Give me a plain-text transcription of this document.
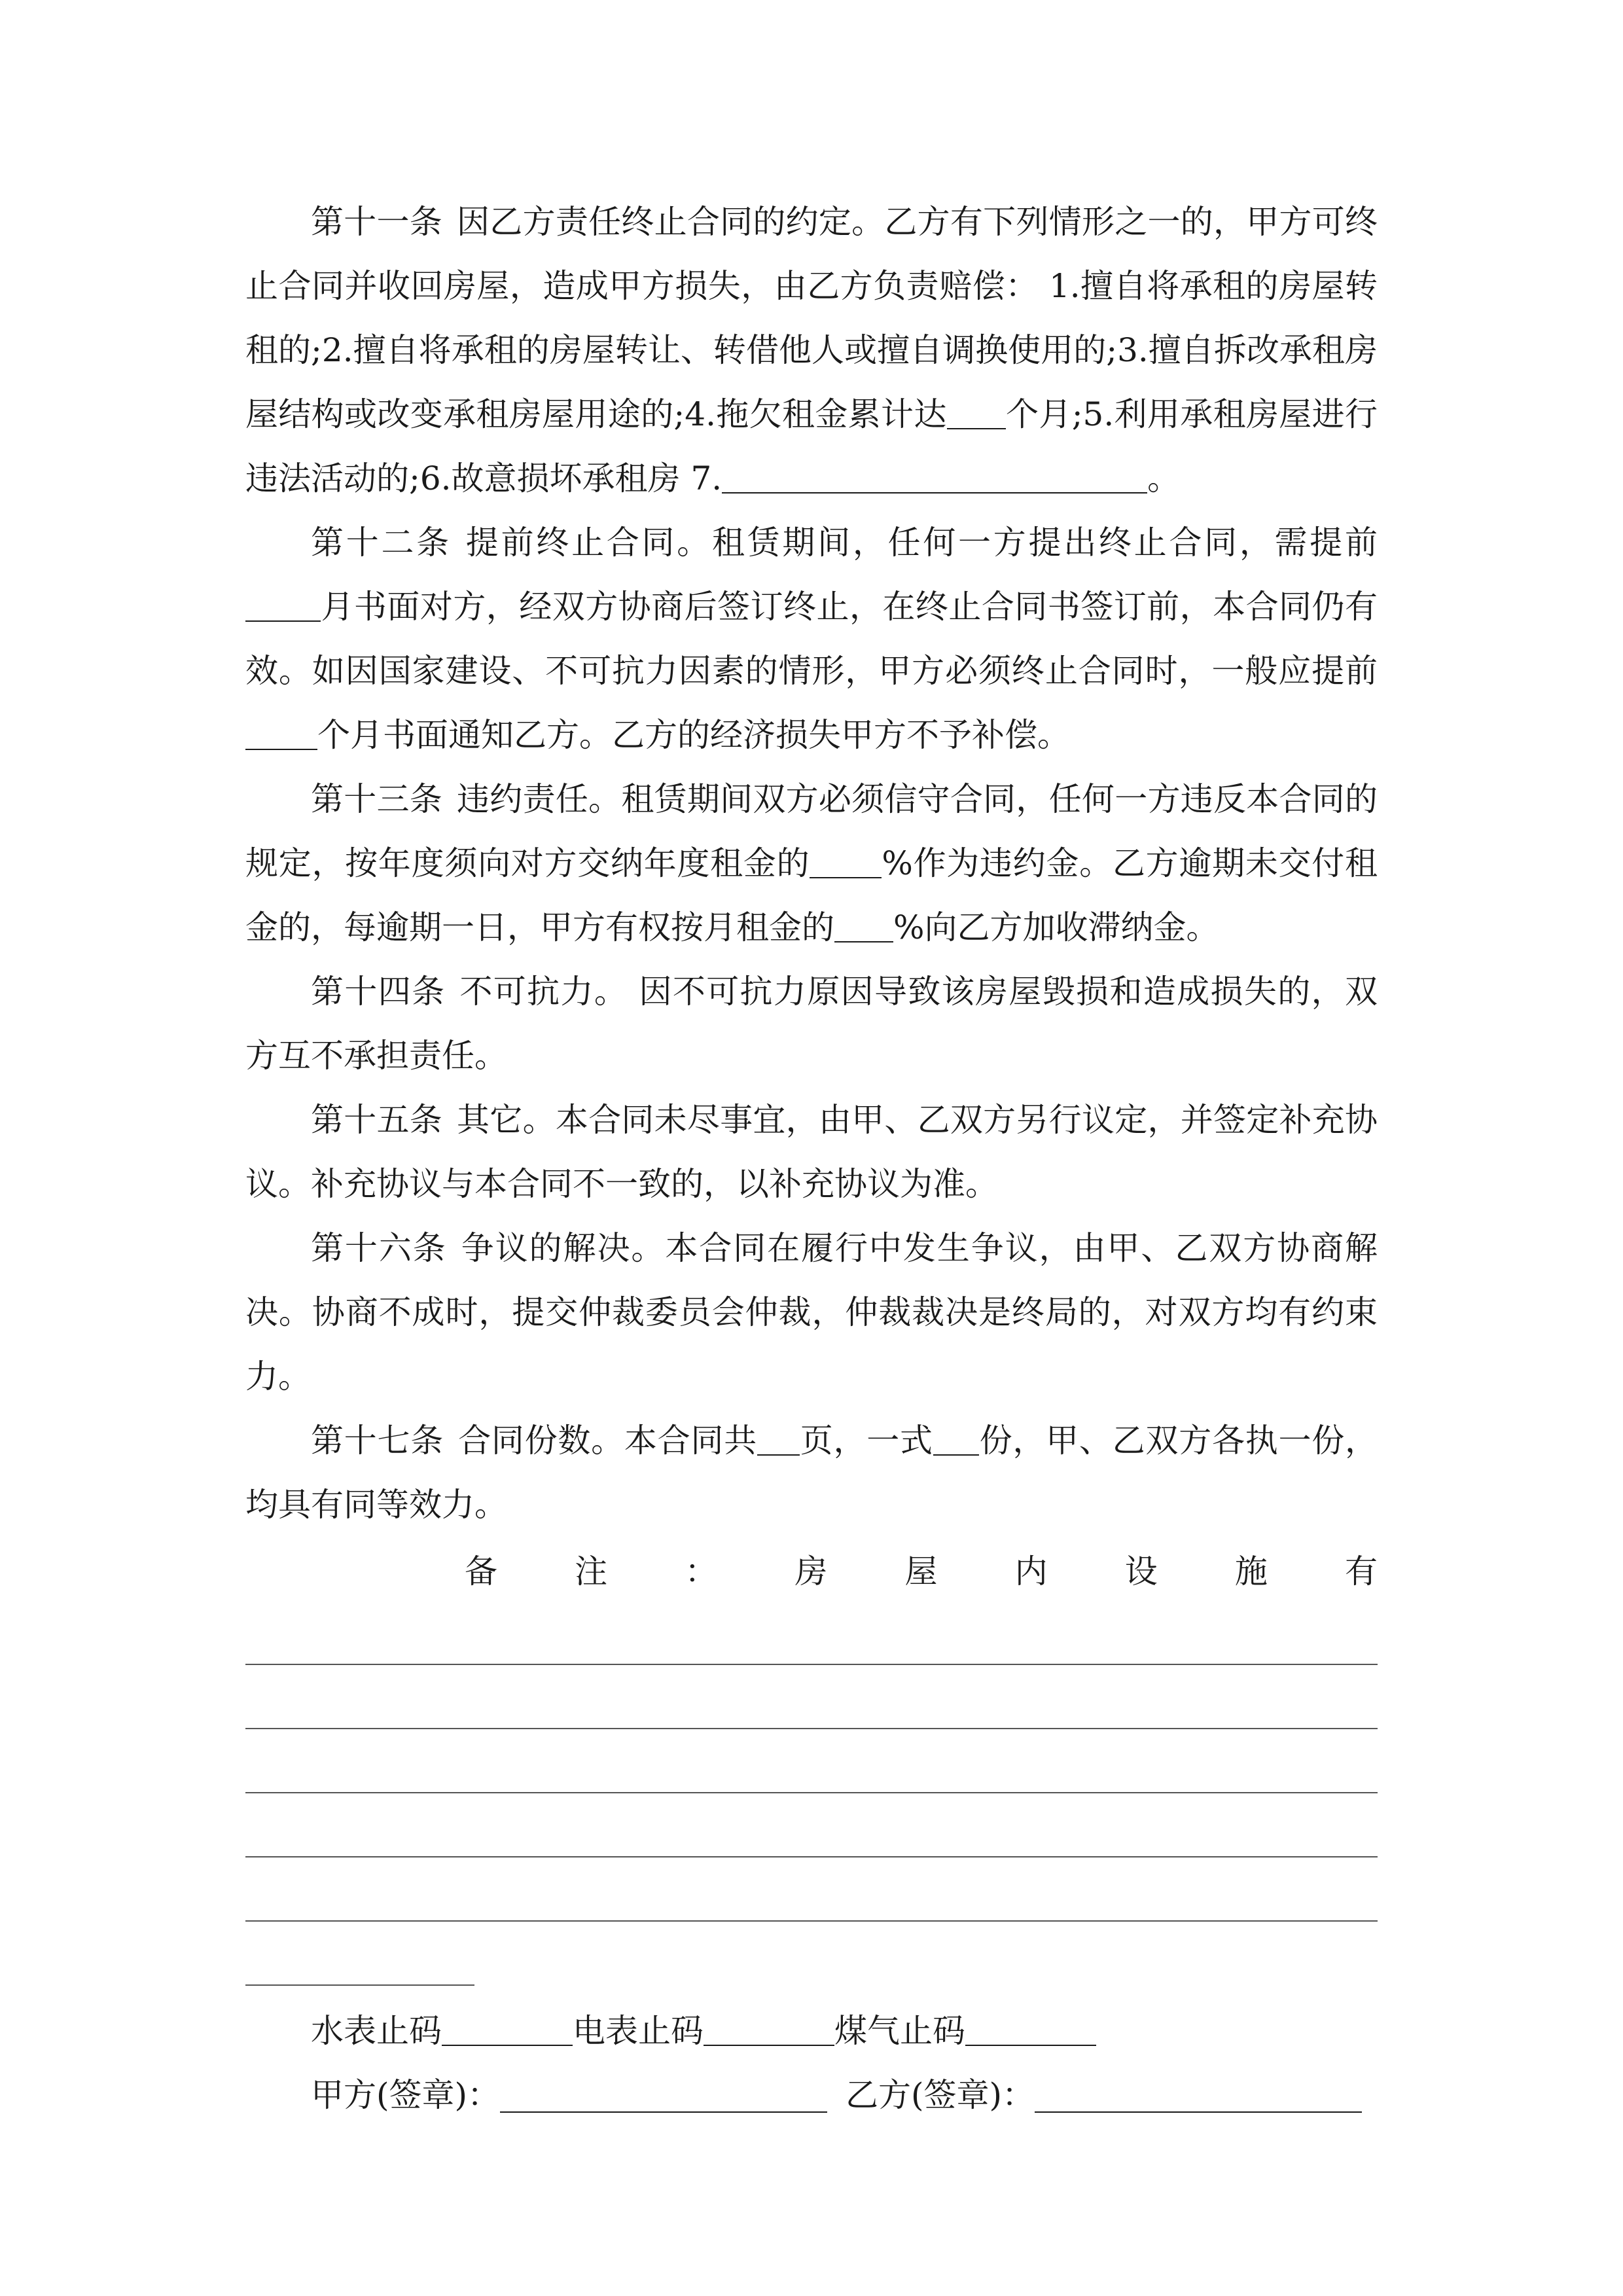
第十一条 因乙方责任终止合同的约定。乙方有下列情形之一的，甲方可终止合同并收回房屋，造成甲方损失，由乙方负责赔偿： 1.擅自将承租的房屋转租的;2.擅自将承租的房屋转让、转借他人或擅自调换使用的;3.擅自拆改承租房屋结构或改变承租房屋用途的;4.拖欠租金累计达 个月;5.利用承租房屋进行违法活动的;6.故意损坏承租房 7.	。

第十二条 提前终止合同。租赁期间，任何一方提出终止合同，需提前月书面对方，经双方协商后签订终止，在终止合同书签订前，本合同仍有效。如因国家建设、不可抗力因素的情形，甲方必须终止合同时，一般应提前个月书面通知乙方。乙方的经济损失甲方不予补偿。

第十三条 违约责任。租赁期间双方必须信守合同，任何一方违反本合同的规定，按年度须向对方交纳年度租金的 %作为违约金。乙方逾期未交付租金的，每逾期一日，甲方有权按月租金的 %向乙方加收滞纳金。

第十四条 不可抗力。 因不可抗力原因导致该房屋毁损和造成损失的，双方互不承担责任。

第十五条 其它。本合同未尽事宜，由甲、乙双方另行议定，并签定补充协议。补充协议与本合同不一致的，以补充协议为准。

第十六条 争议的解决。本合同在履行中发生争议，由甲、乙双方协商解决。协商不成时，提交仲裁委员会仲裁，仲裁裁决是终局的，对双方均有约束力。

第十七条 合同份数。本合同共 页，一式 份，甲、乙双方各执一份，均具有同等效力。

备 注 ： 房 屋 内 设 施 有
水表止码	电表止码	煤气止码
甲方(签章)：	乙方(签章)：
